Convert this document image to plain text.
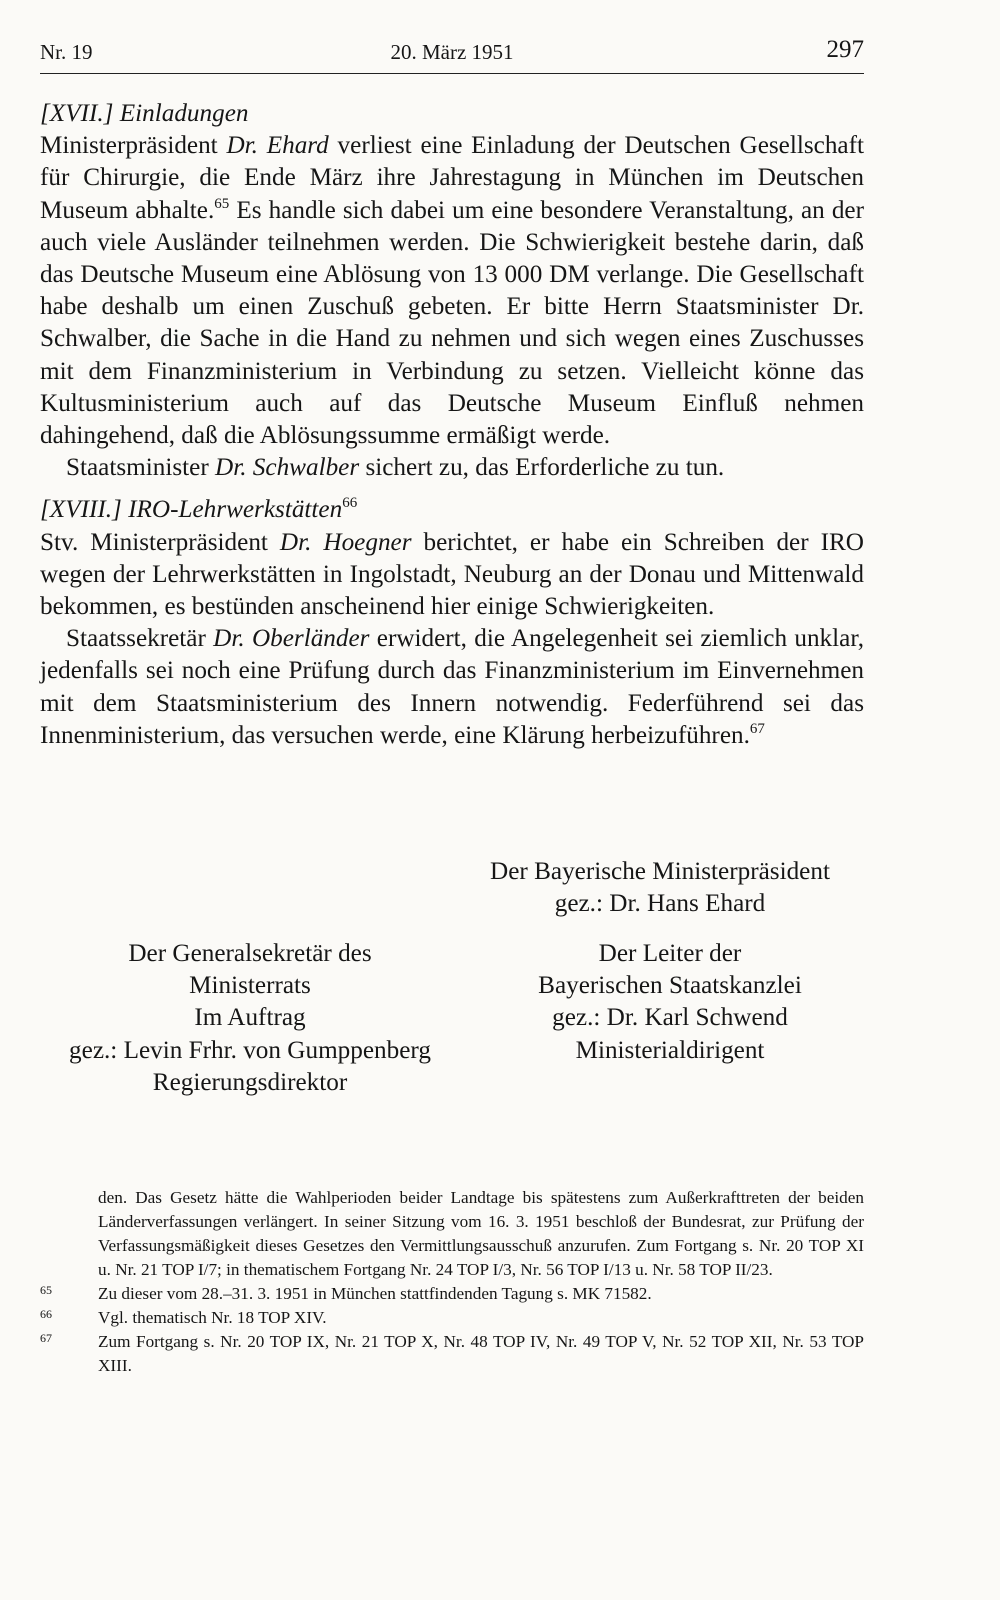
Nr. 19	20. März 1951	297

[XVII.] Einladungen

Ministerpräsident Dr. Ehard verliest eine Einladung der Deutschen Gesellschaft für Chirurgie, die Ende März ihre Jahrestagung in München im Deutschen Museum abhalte.$^{65}$ Es handle sich dabei um eine besondere Veranstaltung, an der auch viele Ausländer teilnehmen werden. Die Schwierigkeit bestehe darin, daß das Deutsche Museum eine Ablösung von 13 000 DM verlange. Die Gesellschaft habe deshalb um einen Zuschuß gebeten. Er bitte Herrn Staatsminister Dr. Schwalber, die Sache in die Hand zu nehmen und sich wegen eines Zuschusses mit dem Finanzministerium in Verbindung zu setzen. Vielleicht könne das Kultusministerium auch auf das Deutsche Museum Einfluß nehmen dahingehend, daß die Ablösungssumme ermäßigt werde.

Staatsminister Dr. Schwalber sichert zu, das Erforderliche zu tun.

[XVIII.] IRO-Lehrwerkstätten$^{66}$

Stv. Ministerpräsident Dr. Hoegner berichtet, er habe ein Schreiben der IRO wegen der Lehrwerkstätten in Ingolstadt, Neuburg an der Donau und Mittenwald bekommen, es bestünden anscheinend hier einige Schwierigkeiten.

Staatssekretär Dr. Oberländer erwidert, die Angelegenheit sei ziemlich unklar, jedenfalls sei noch eine Prüfung durch das Finanzministerium im Einvernehmen mit dem Staatsministerium des Innern notwendig. Federführend sei das Innenministerium, das versuchen werde, eine Klärung herbeizuführen.$^{67}$

Der Bayerische Ministerpräsident
gez.: Dr. Hans Ehard
Der Generalsekretär des
Ministerrats
Im Auftrag
gez.: Levin Frhr. von Gumppenberg
Regierungsdirektor
Der Leiter der
Bayerischen Staatskanzlei
gez.: Dr. Karl Schwend
Ministerialdirigent

den. Das Gesetz hätte die Wahlperioden beider Landtage bis spätestens zum Außerkrafttreten der beiden Länderverfassungen verlängert. In seiner Sitzung vom 16. 3. 1951 beschloß der Bundesrat, zur Prüfung der Verfassungsmäßigkeit dieses Gesetzes den Vermittlungsausschuß anzurufen. Zum Fortgang s. Nr. 20 TOP XI u. Nr. 21 TOP I/7; in thematischem Fortgang Nr. 24 TOP I/3, Nr. 56 TOP I/13 u. Nr. 58 TOP II/23.

65	Zu dieser vom 28.–31. 3. 1951 in München stattfindenden Tagung s. MK 71582.

66	Vgl. thematisch Nr. 18 TOP XIV.

67	Zum Fortgang s. Nr. 20 TOP IX, Nr. 21 TOP X, Nr. 48 TOP IV, Nr. 49 TOP V, Nr. 52 TOP XII, Nr. 53 TOP XIII.
